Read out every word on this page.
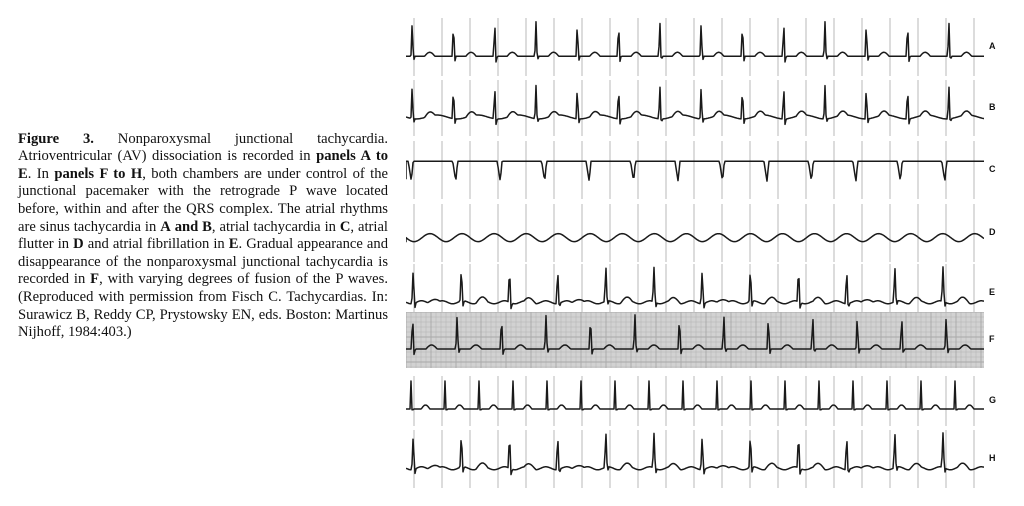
Figure 3. Nonparoxysmal junctional tachycardia. Atrioventricular (AV) dissociation is recorded in panels A to E. In panels F to H, both chambers are under control of the junctional pacemaker with the retrograde P wave located before, within and after the QRS complex. The atrial rhythms are sinus tachycardia in A and B, atrial tachycardia in C, atrial flutter in D and atrial fibrillation in E. Gradual appearance and disappearance of the nonparoxysmal junctional tachycardia is recorded in F, with varying degrees of fusion of the P waves. (Reproduced with permission from Fisch C. Tachycardias. In: Surawicz B, Reddy CP, Prystowsky EN, eds. Boston: Martinus Nijhoff, 1984:403.)

A
B
C
D
E
F
G
H
